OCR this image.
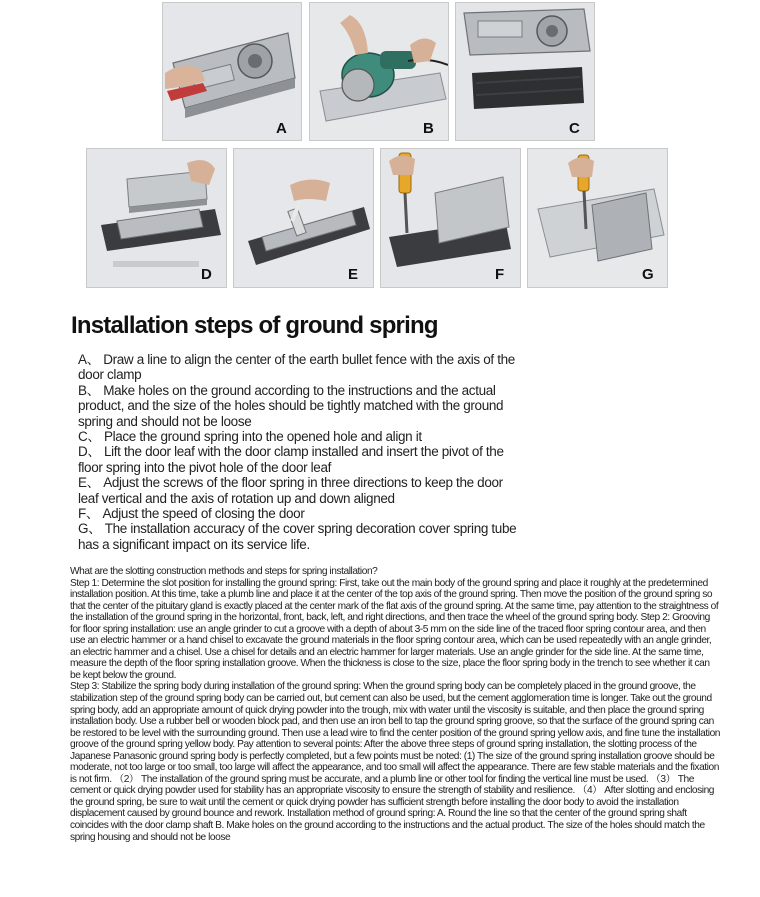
A	B	C
D	E	F	G
Installation steps of ground spring

A、 Draw a line to align the center of the earth bullet fence with the axis of the door clamp

B、 Make holes on the ground according to the instructions and the actual product, and the size of the holes should be tightly matched with the ground spring and should not be loose

C、 Place the ground spring into the opened hole and align it

D、 Lift the door leaf with the door clamp installed and insert the pivot of the floor spring into the pivot hole of the door leaf

E、 Adjust the screws of the floor spring in three directions to keep the door leaf vertical and the axis of rotation up and down aligned

F、 Adjust the speed of closing the door

G、 The installation accuracy of the cover spring decoration cover spring tube has a significant impact on its service life.

What are the slotting construction methods and steps for spring installation?

Step 1: Determine the slot position for installing the ground spring: First, take out the main body of the ground spring and place it roughly at the predetermined installation position. At this time, take a plumb line and place it at the center of the top axis of the ground spring. Then move the position of the ground spring so that the center of the pituitary gland is exactly placed at the center mark of the flat axis of the ground spring. At the same time, pay attention to the straightness of the installation of the ground spring in the horizontal, front, back, left, and right directions, and then trace the wheel of the ground spring body. Step 2: Grooving for floor spring installation: use an angle grinder to cut a groove with a depth of about 3-5 mm on the side line of the traced floor spring contour area, and then use an electric hammer or a hand chisel to excavate the ground materials in the floor spring contour area, which can be used repeatedly with an angle grinder, an electric hammer and a chisel. Use a chisel for details and an electric hammer for larger materials. Use an angle grinder for the side line. At the same time, measure the depth of the floor spring installation groove. When the thickness is close to the size, place the floor spring body in the trench to see whether it can be kept below the ground.

Step 3: Stabilize the spring body during installation of the ground spring: When the ground spring body can be completely placed in the ground groove, the stabilization step of the ground spring body can be carried out, but cement can also be used, but the cement agglomeration time is longer. Take out the ground spring body, add an appropriate amount of quick drying powder into the trough, mix with water until the viscosity is suitable, and then place the ground spring installation body. Use a rubber bell or wooden block pad, and then use an iron bell to tap the ground spring groove, so that the surface of the ground spring can be restored to be level with the surrounding ground. Then use a lead wire to find the center position of the ground spring yellow axis, and fine tune the installation groove of the ground spring yellow body. Pay attention to several points: After the above three steps of ground spring installation, the slotting process of the Japanese Panasonic ground spring body is perfectly completed, but a few points must be noted: (1) The size of the ground spring installation groove should be moderate, not too large or too small, too large will affect the appearance, and too small will affect the appearance. There are few stable materials and the fixation is not firm. （2） The installation of the ground spring must be accurate, and a plumb line or other tool for finding the vertical line must be used. （3） The cement or quick drying powder used for stability has an appropriate viscosity to ensure the strength of stability and resilience. （4） After slotting and enclosing the ground spring, be sure to wait until the cement or quick drying powder has sufficient strength before installing the door body to avoid the installation displacement caused by ground bounce and rework. Installation method of ground spring: A. Round the line so that the center of the ground spring shaft coincides with the door clamp shaft B. Make holes on the ground according to the instructions and the actual product. The size of the holes should match the spring housing and should not be loose
